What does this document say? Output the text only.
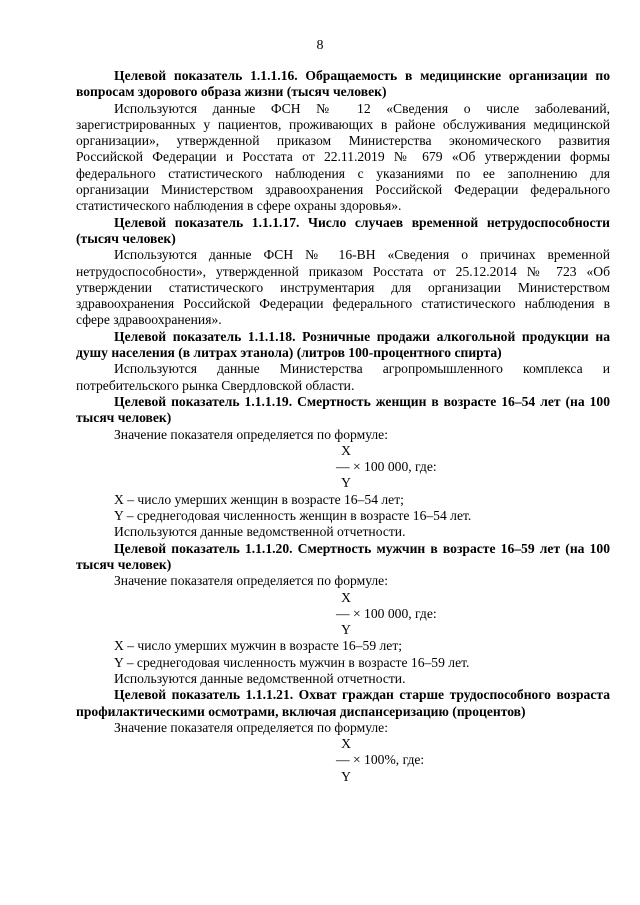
8

Целевой показатель 1.1.1.16. Обращаемость в медицинские организации по вопросам здорового образа жизни (тысяч человек)

Используются данные ФСН № 12 «Сведения о числе заболеваний, зарегистрированных у пациентов, проживающих в районе обслуживания медицинской организации», утвержденной приказом Министерства экономического развития Российской Федерации и Росстата от 22.11.2019 № 679 «Об утверждении формы федерального статистического наблюдения с указаниями по ее заполнению для организации Министерством здравоохранения Российской Федерации федерального статистического наблюдения в сфере охраны здоровья».

Целевой показатель 1.1.1.17. Число случаев временной нетрудоспособности (тысяч человек)

Используются данные ФСН № 16-ВН «Сведения о причинах временной нетрудоспособности», утвержденной приказом Росстата от 25.12.2014 № 723 «Об утверждении статистического инструментария для организации Министерством здравоохранения Российской Федерации федерального статистического наблюдения в сфере здравоохранения».

Целевой показатель 1.1.1.18. Розничные продажи алкогольной продукции на душу населения (в литрах этанола) (литров 100-процентного спирта)

Используются данные Министерства агропромышленного комплекса и потребительского рынка Свердловской области.

Целевой показатель 1.1.1.19. Смертность женщин в возрасте 16–54 лет (на 100 тысяч человек)

Значение показателя определяется по формуле:

X
— × 100 000, где:
Y

X – число умерших женщин в возрасте 16–54 лет;

Y – среднегодовая численность женщин в возрасте 16–54 лет.

Используются данные ведомственной отчетности.

Целевой показатель 1.1.1.20. Смертность мужчин в возрасте 16–59 лет (на 100 тысяч человек)

Значение показателя определяется по формуле:

X
— × 100 000, где:
Y

X – число умерших мужчин в возрасте 16–59 лет;

Y – среднегодовая численность мужчин в возрасте 16–59 лет.

Используются данные ведомственной отчетности.

Целевой показатель 1.1.1.21. Охват граждан старше трудоспособного возраста профилактическими осмотрами, включая диспансеризацию (процентов)

Значение показателя определяется по формуле:

X
— × 100%, где:
Y
